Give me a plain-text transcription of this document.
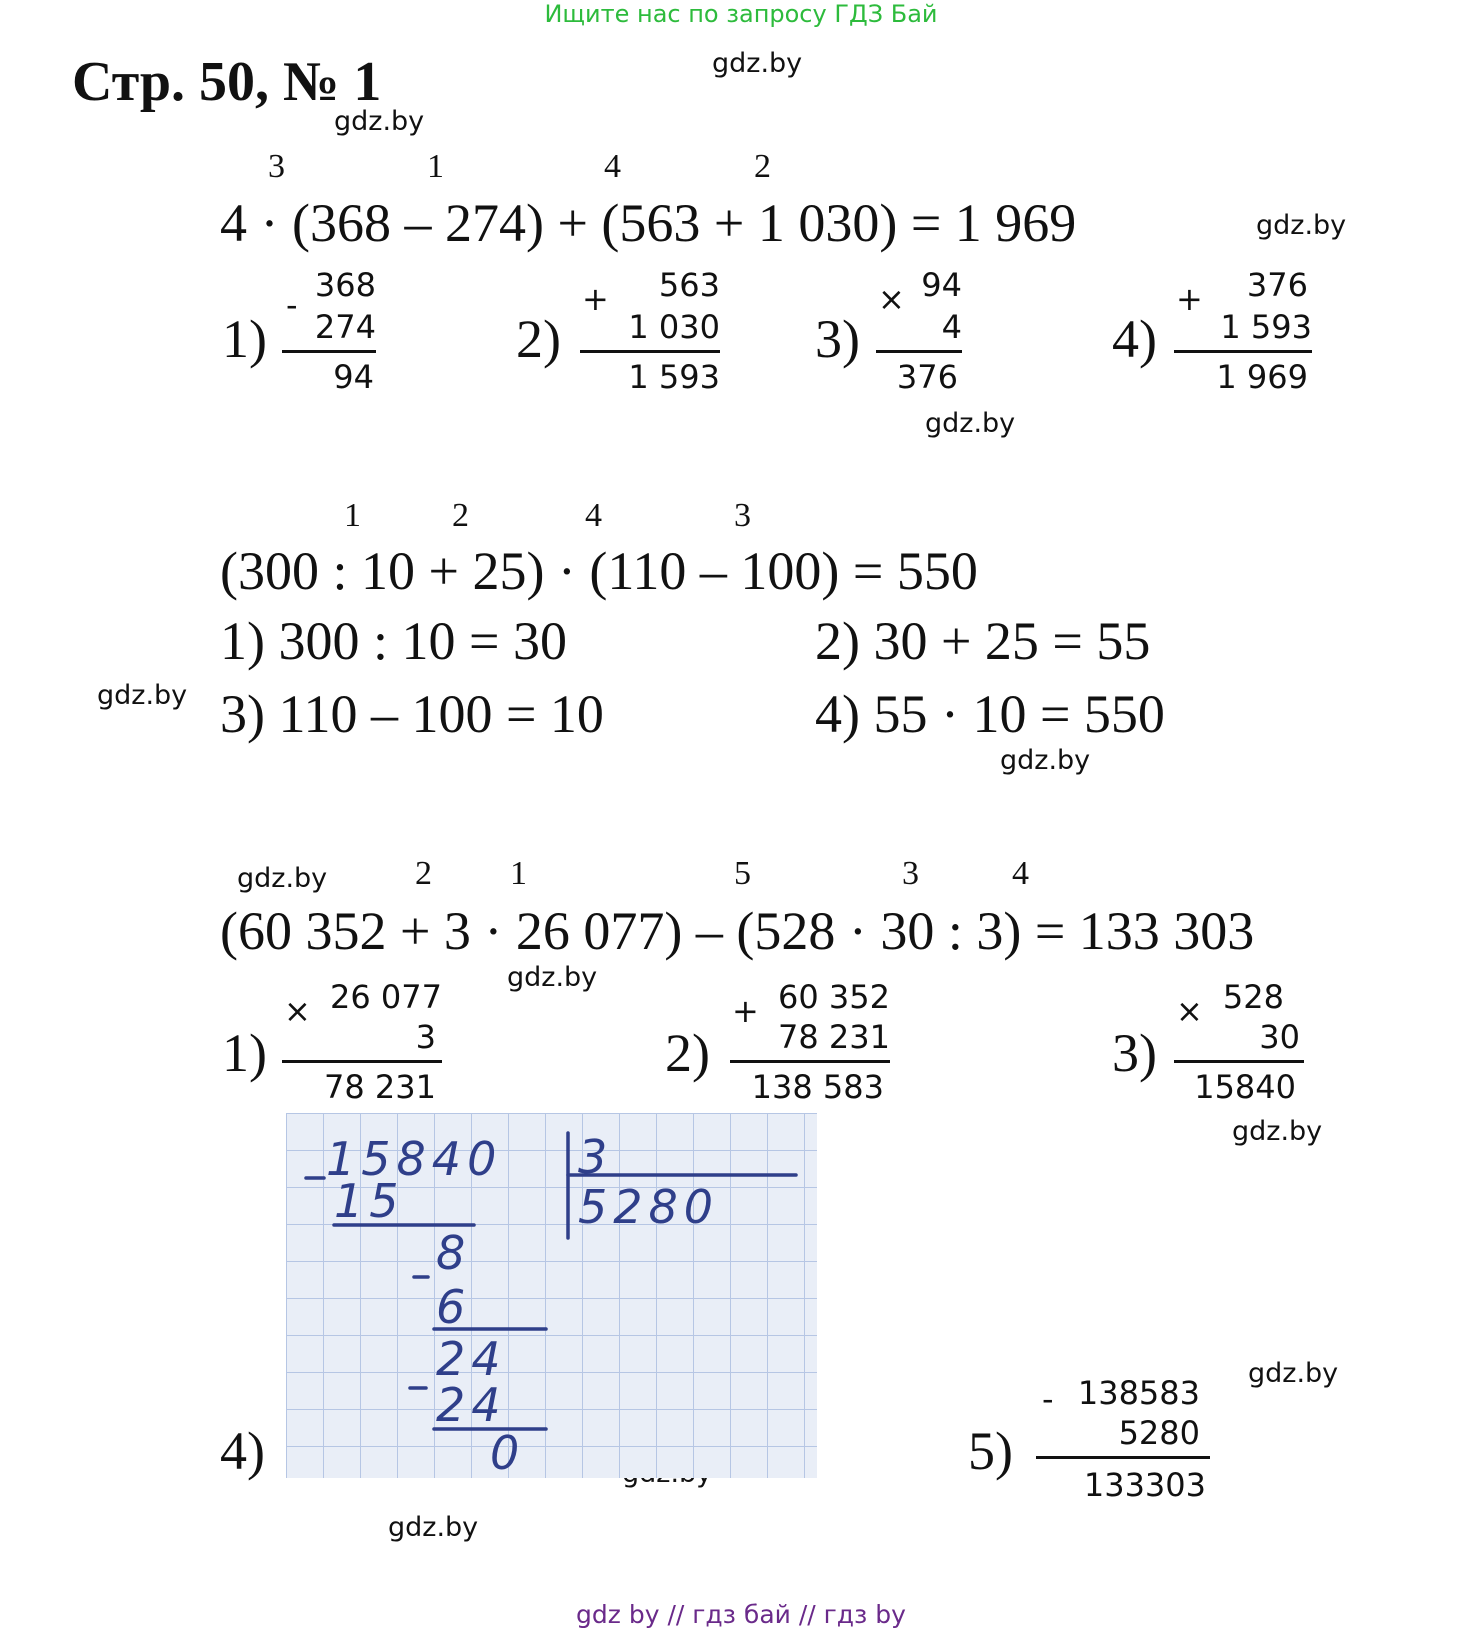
Ищите нас по запросу ГДЗ Бай
Стр. 50, № 1	gdz.by
gdz.by
gdz.by
gdz.by
gdz.by
gdz.by
gdz.by
gdz.by
gdz.by
gdz.by
gdz.by
3	1	4	2
4 · (368 – 274) + (563 + 1 030) = 1 969
1)
-
368
274
94
2)
+ 563
1 030
1 593
3)
× 94
4
376
4)
+ 376
1 593
1 969
1	2	4	3
(300 : 10 + 25) · (110 – 100) = 550
1) 300 : 10 = 30	2) 30 + 25 = 55
3) 110 – 100 = 10	4) 55 · 10 = 550
2 1	5	3	4
(60 352 + 3 · 26 077) – (528 · 30 : 3) = 133 303
1)
× 26 077
3
78 231
2)
+ 60 352
78 231
138 583
3)
× 528
30
15840
4)
15840 3
5280
15
8
6
24
24
0	5)
- 138583
5280
133303
gdz by // гдз бай // гдз by
